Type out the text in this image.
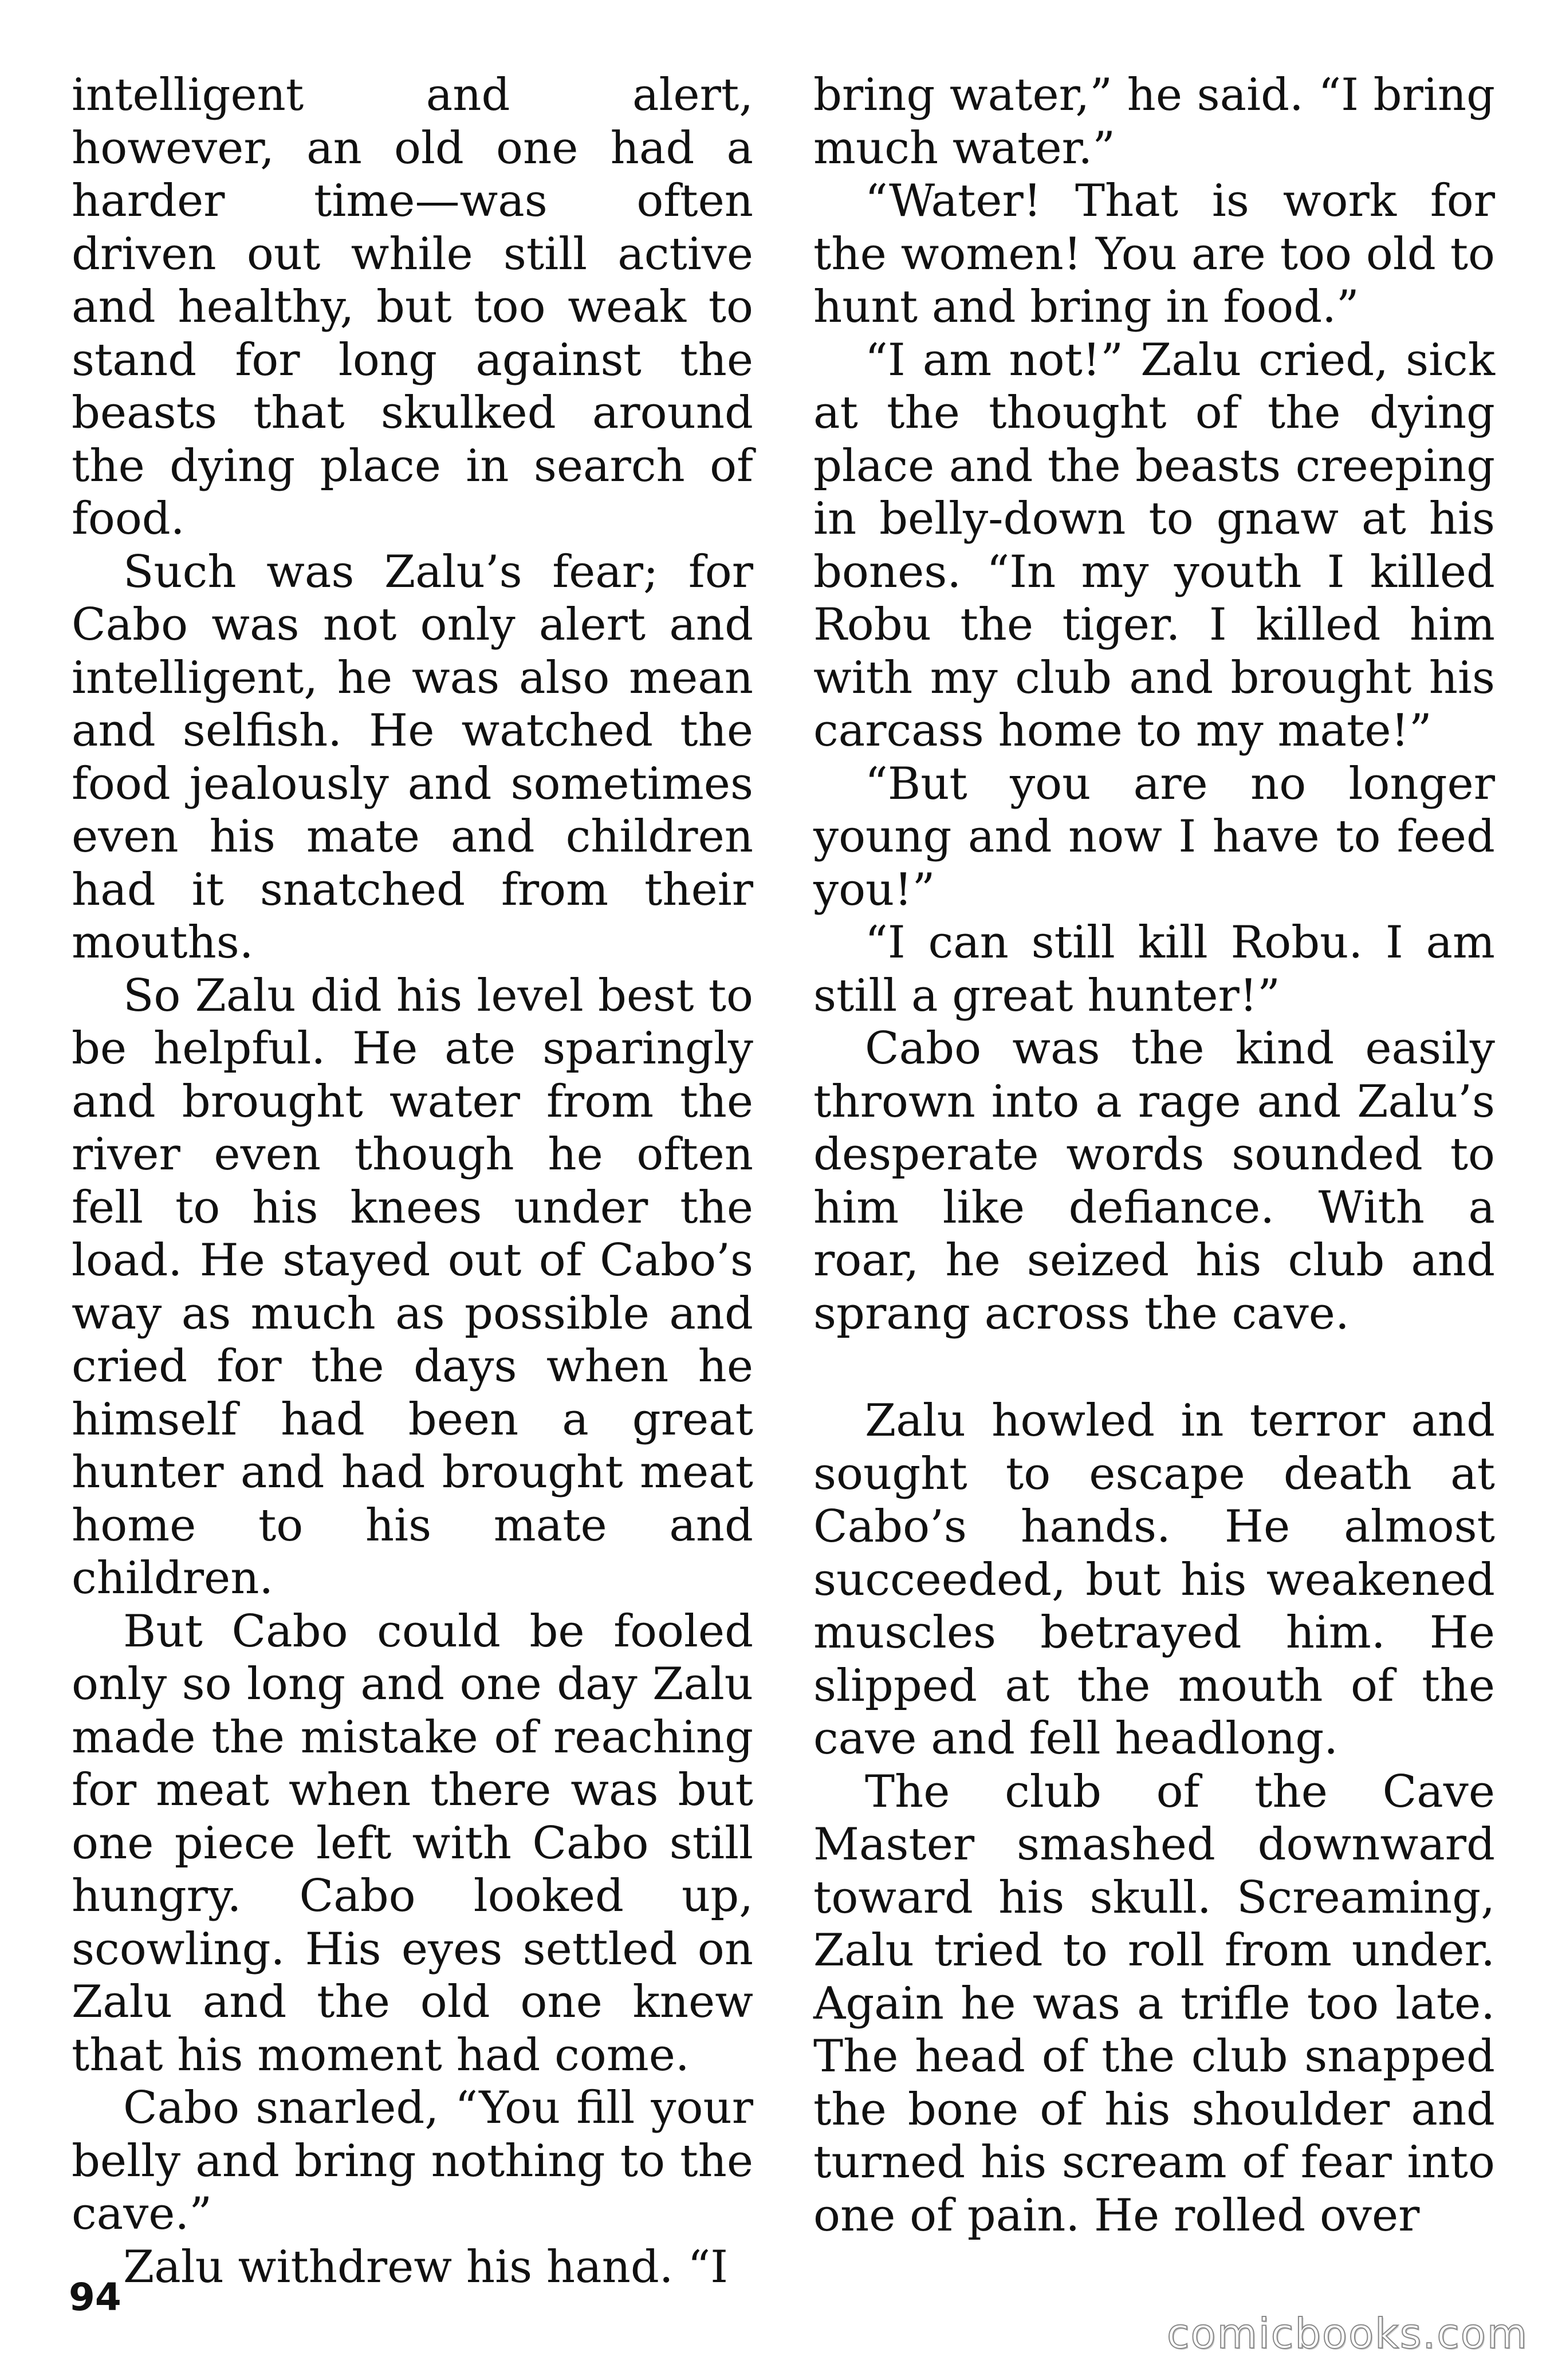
intelligent and alert, however, an old one had a harder time—was often driven out while still active and healthy, but too weak to stand for long against the beasts that skulked around the dying place in search of food.

Such was Zalu’s fear; for Cabo was not only alert and intelligent, he was also mean and selfish. He watched the food jealously and sometimes even his mate and children had it snatched from their mouths.

So Zalu did his level best to be helpful. He ate sparingly and brought water from the river even though he often fell to his knees under the load. He stayed out of Cabo’s way as much as possible and cried for the days when he himself had been a great hunter and had brought meat home to his mate and children.

But Cabo could be fooled only so long and one day Zalu made the mistake of reaching for meat when there was but one piece left with Cabo still hungry. Cabo looked up, scowling. His eyes settled on Zalu and the old one knew that his moment had come.

Cabo snarled, “You fill your belly and bring nothing to the cave.”

Zalu withdrew his hand. “I

bring water,” he said. “I bring much water.”

“Water! That is work for the women! You are too old to hunt and bring in food.”

“I am not!” Zalu cried, sick at the thought of the dying place and the beasts creeping in belly-down to gnaw at his bones. “In my youth I killed Robu the tiger. I killed him with my club and brought his carcass home to my mate!”

“But you are no longer young and now I have to feed you!”

“I can still kill Robu. I am still a great hunter!”

Cabo was the kind easily thrown into a rage and Zalu’s desperate words sounded to him like defiance. With a roar, he seized his club and sprang across the cave.

Zalu howled in terror and sought to escape death at Cabo’s hands. He almost succeeded, but his weakened muscles betrayed him. He slipped at the mouth of the cave and fell headlong.

The club of the Cave Master smashed downward toward his skull. Screaming, Zalu tried to roll from under. Again he was a trifle too late. The head of the club snapped the bone of his shoulder and turned his scream of fear into one of pain. He rolled over

94
comicbooks.com
